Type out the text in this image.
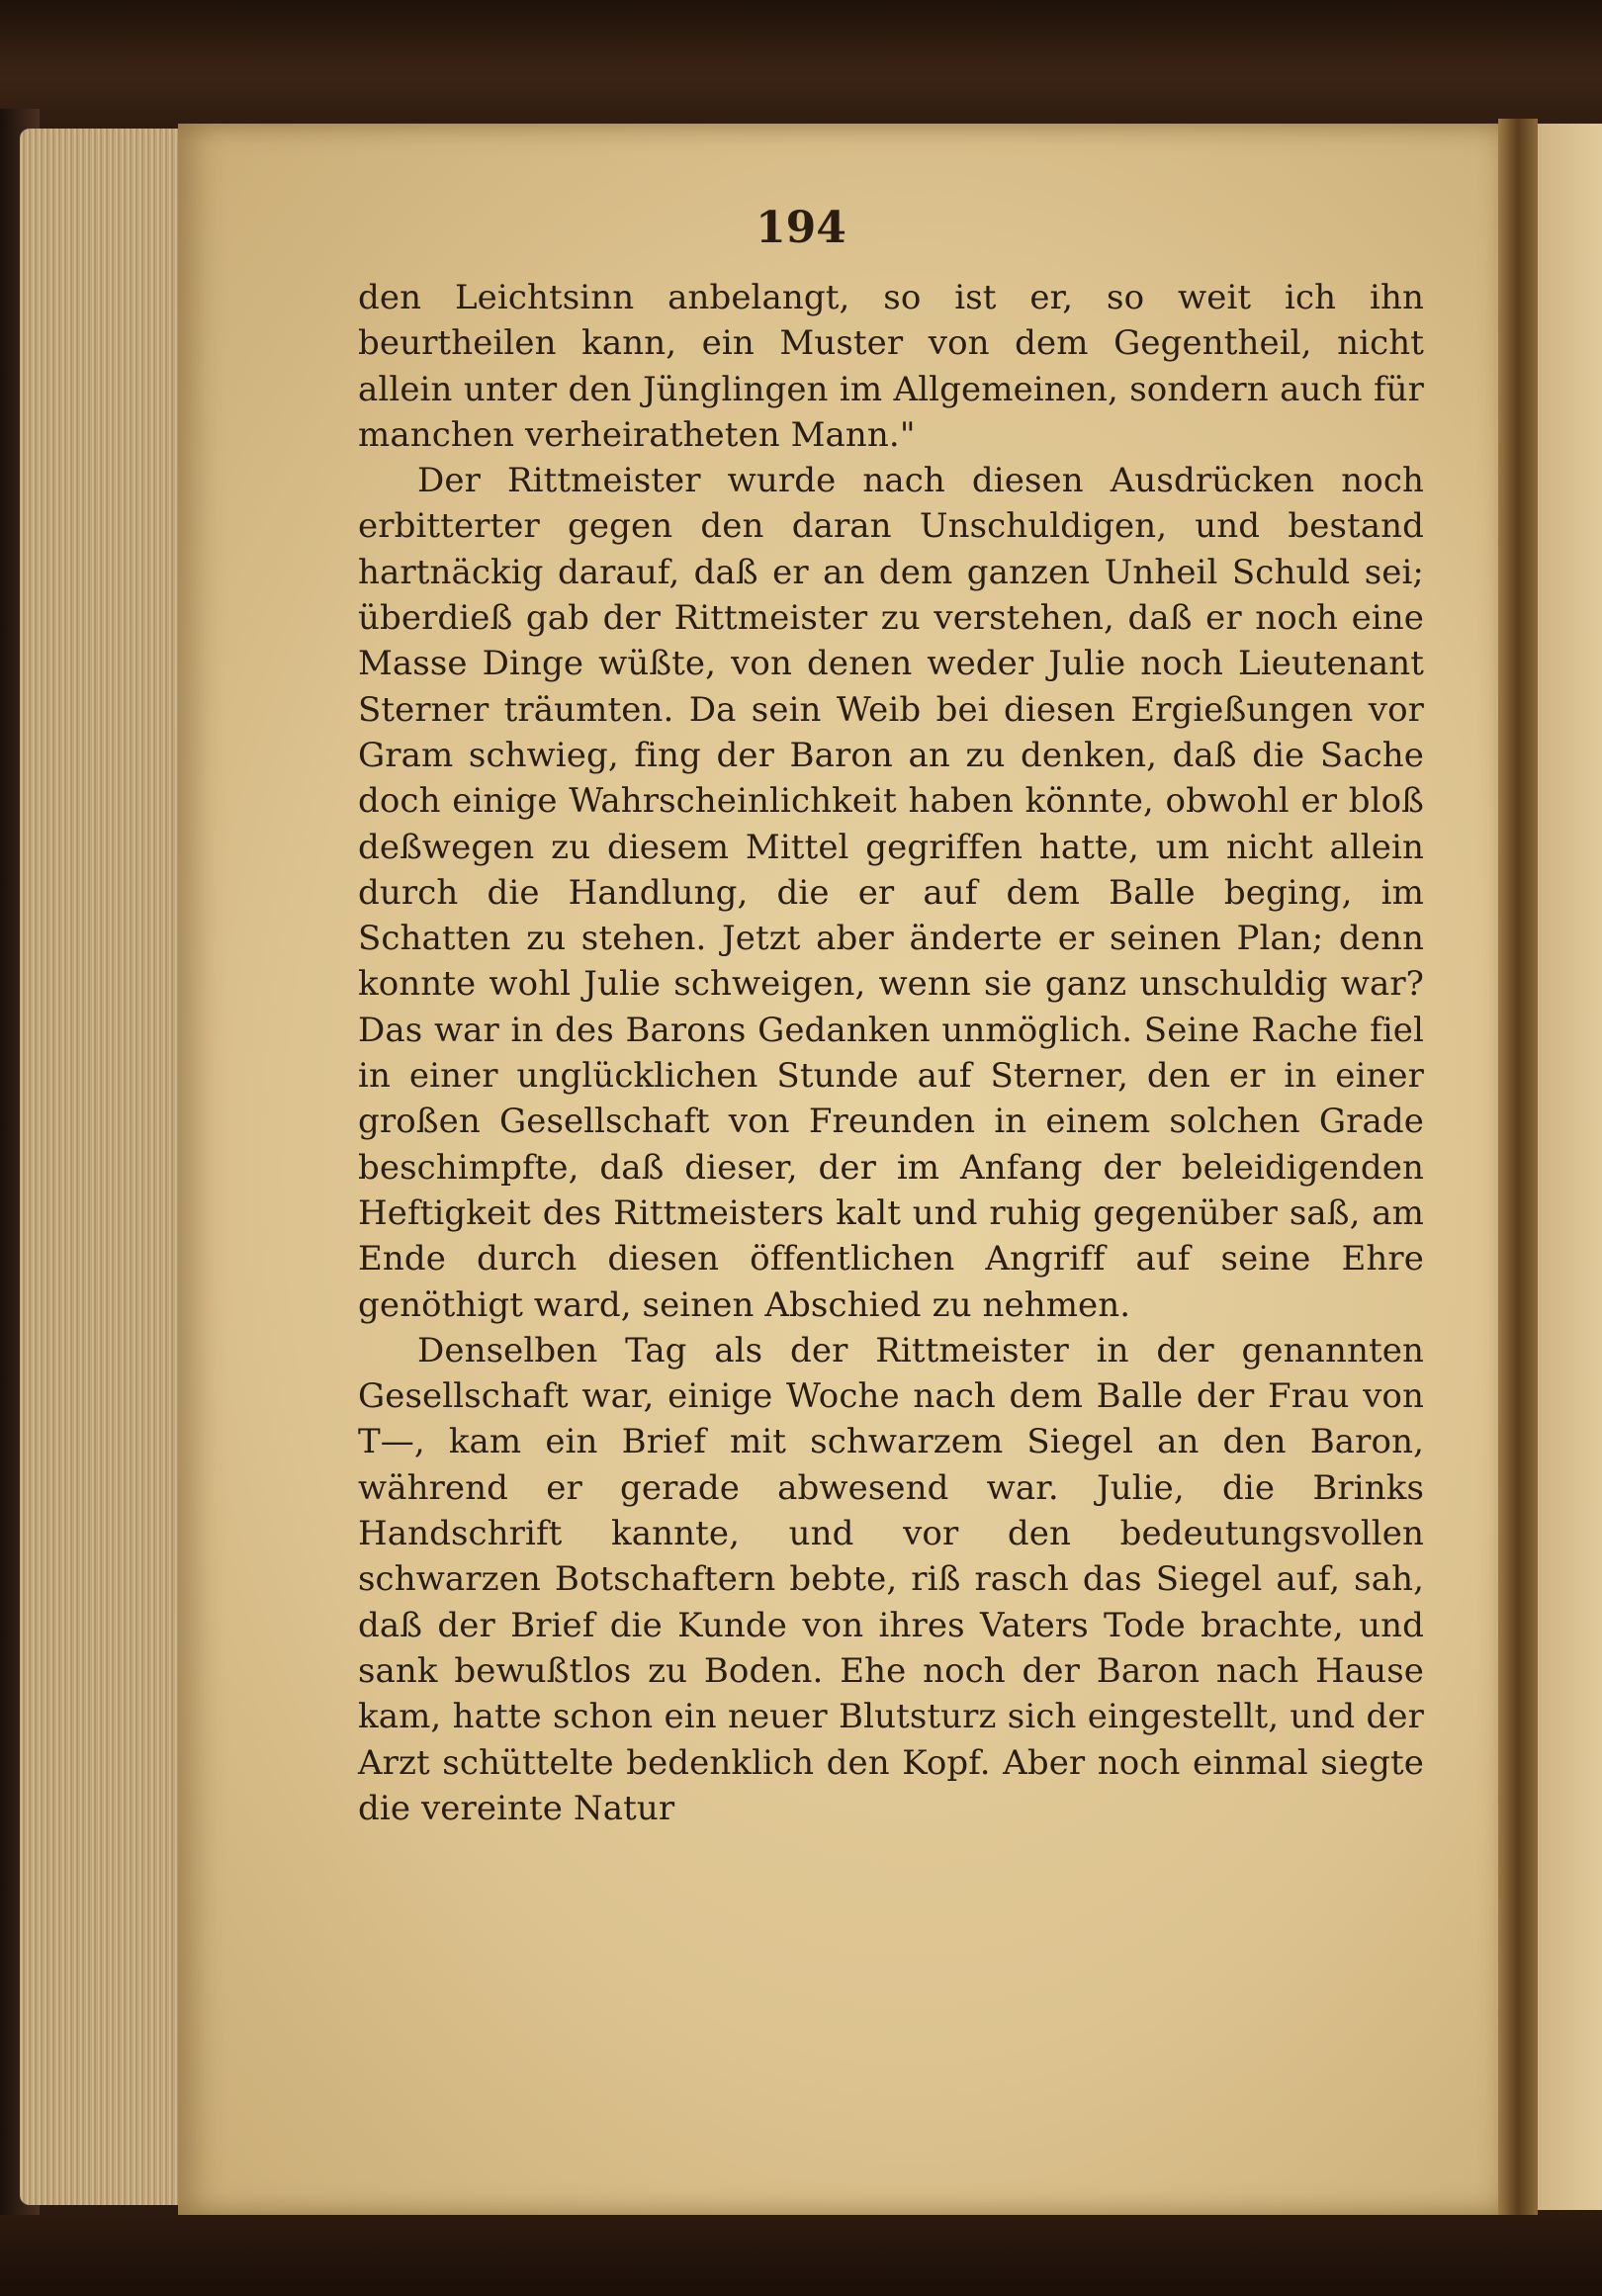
194

den Leichtsinn anbelangt, so ist er, so weit ich ihn beurtheilen kann, ein Muster von dem Gegentheil, nicht allein unter den Jünglingen im Allgemeinen, sondern auch für manchen verheiratheten Mann."

Der Rittmeister wurde nach diesen Ausdrücken noch erbitterter gegen den daran Unschuldigen, und bestand hartnäckig darauf, daß er an dem ganzen Unheil Schuld sei; überdieß gab der Rittmeister zu verstehen, daß er noch eine Masse Dinge wüßte, von denen weder Julie noch Lieutenant Sterner träumten. Da sein Weib bei diesen Ergießungen vor Gram schwieg, fing der Baron an zu denken, daß die Sache doch einige Wahrscheinlichkeit haben könnte, obwohl er bloß deßwegen zu diesem Mittel gegriffen hatte, um nicht allein durch die Handlung, die er auf dem Balle beging, im Schatten zu stehen. Jetzt aber änderte er seinen Plan; denn konnte wohl Julie schweigen, wenn sie ganz unschuldig war? Das war in des Barons Gedanken unmöglich. Seine Rache fiel in einer unglücklichen Stunde auf Sterner, den er in einer großen Gesellschaft von Freunden in einem solchen Grade beschimpfte, daß dieser, der im Anfang der beleidigenden Heftigkeit des Rittmeisters kalt und ruhig gegenüber saß, am Ende durch diesen öffentlichen Angriff auf seine Ehre genöthigt ward, seinen Abschied zu nehmen.

Denselben Tag als der Rittmeister in der genannten Gesellschaft war, einige Woche nach dem Balle der Frau von T—, kam ein Brief mit schwarzem Siegel an den Baron, während er gerade abwesend war. Julie, die Brinks Handschrift kannte, und vor den bedeutungsvollen schwarzen Botschaftern bebte, riß rasch das Siegel auf, sah, daß der Brief die Kunde von ihres Vaters Tode brachte, und sank bewußtlos zu Boden. Ehe noch der Baron nach Hause kam, hatte schon ein neuer Blutsturz sich eingestellt, und der Arzt schüttelte bedenklich den Kopf. Aber noch einmal siegte die vereinte Natur
